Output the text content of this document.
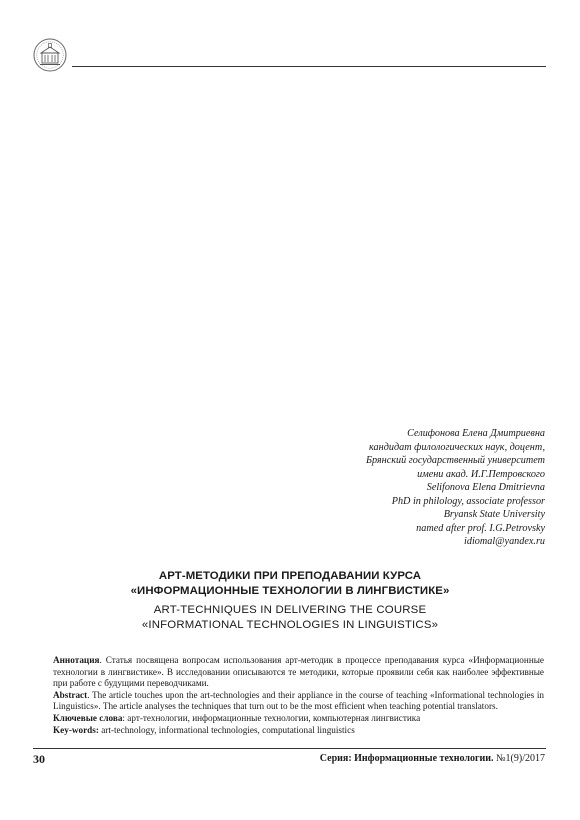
Селифонова Елена Дмитриевна
кандидат филологических наук, доцент,
Брянский государственный университет
имени акад. И.Г.Петровского
Selifonova Elena Dmitrievna
PhD in philology, associate professor
Bryansk State University
named after prof. I.G.Petrovsky
idiomal@yandex.ru
АРТ-МЕТОДИКИ ПРИ ПРЕПОДАВАНИИ КУРСА
«ИНФОРМАЦИОННЫЕ ТЕХНОЛОГИИ В ЛИНГВИСТИКЕ»
ART-TECHNIQUES IN DELIVERING THE COURSE
«INFORMATIONAL TECHNOLOGIES IN LINGUISTICS»

Аннотация. Статья посвящена вопросам использования арт-методик в процессе преподавания курса «Информационные технологии в лингвистике». В исследовании описываются те методики, которые проявили себя как наиболее эффективные при работе с будущими переводчиками.

Abstract. The article touches upon the art-technologies and their appliance in the course of teaching «Informational technologies in Linguistics». The article analyses the techniques that turn out to be the most efficient when teaching potential translators.

Ключевые слова: арт-технологии, информационные технологии, компьютерная лингвистика

Key-words: art-technology, informational technologies, computational linguistics

30	Серия: Информационные технологии. №1(9)/2017
